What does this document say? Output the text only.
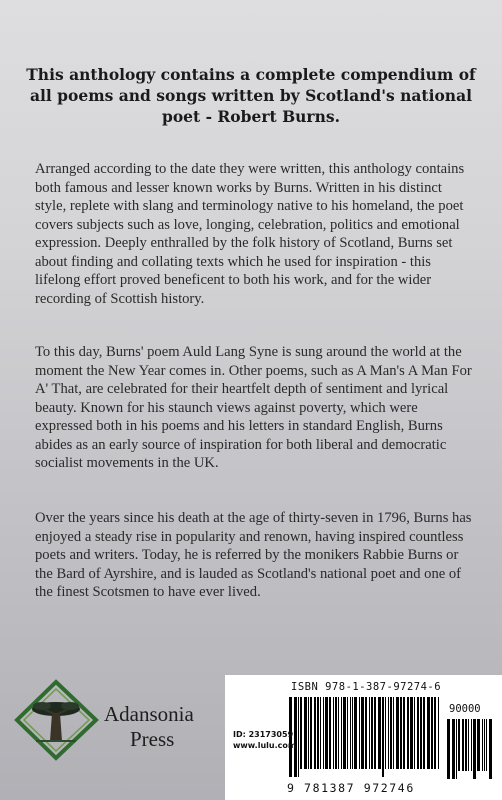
This anthology contains a complete compendium of all poems and songs written by Scotland's national poet - Robert Burns.

Arranged according to the date they were written, this anthology contains both famous and lesser known works by Burns. Written in his distinct style, replete with slang and terminology native to his homeland, the poet covers subjects such as love, longing, celebration, politics and emotional expression. Deeply enthralled by the folk history of Scotland, Burns set about finding and collating texts which he used for inspiration - this lifelong effort proved beneficent to both his work, and for the wider recording of Scottish history.

To this day, Burns' poem Auld Lang Syne is sung around the world at the moment the New Year comes in. Other poems, such as A Man's A Man For A' That, are celebrated for their heartfelt depth of sentiment and lyrical beauty. Known for his staunch views against poverty, which were expressed both in his poems and his letters in standard English, Burns abides as an early source of inspiration for both liberal and democratic socialist movements in the UK.

Over the years since his death at the age of thirty-seven in 1796, Burns has enjoyed a steady rise in popularity and renown, having inspired countless poets and writers. Today, he is referred by the monikers Rabbie Burns or the Bard of Ayrshire, and is lauded as Scotland's national poet and one of the finest Scotsmen to have ever lived.

Adansonia
Press
ISBN 978-1-387-97274-6
90000
ID: 23173059
www.lulu.com
9 781387 972746
